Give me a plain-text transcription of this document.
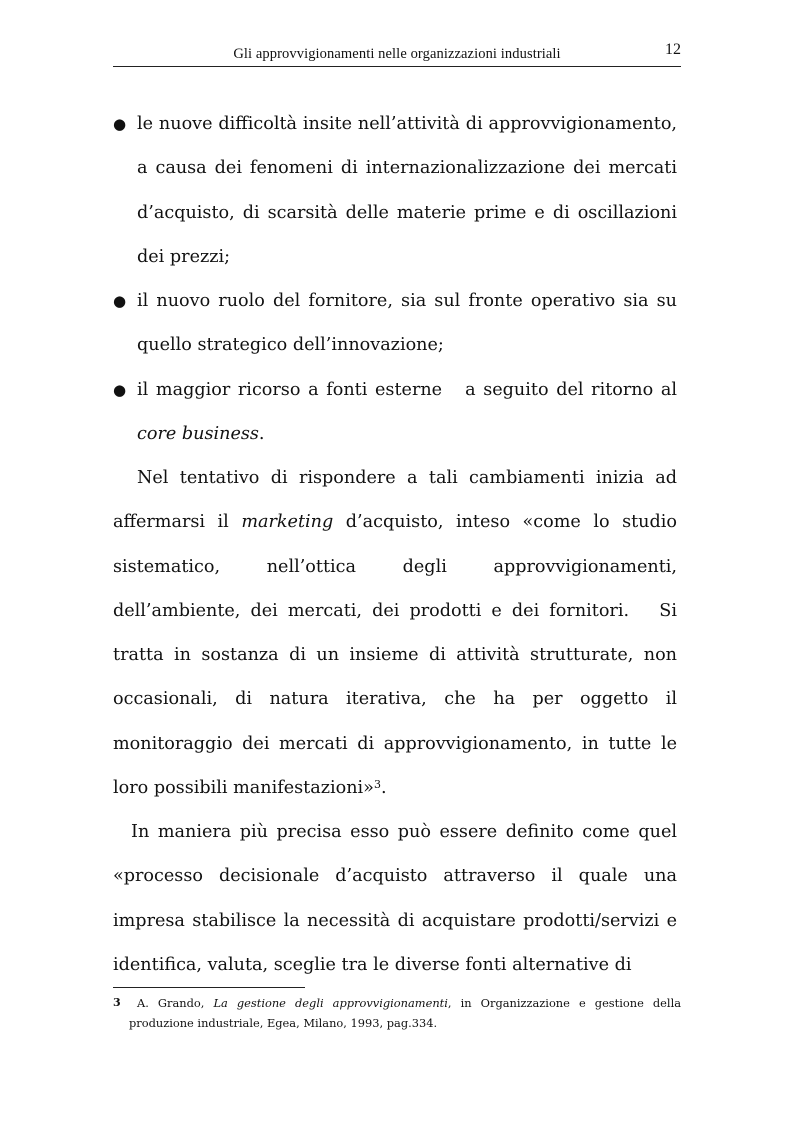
Gli approvvigionamenti nelle organizzazioni industriali	12
● le nuove difficoltà insite nell’attività di approvvigionamento, a causa dei fenomeni di internazionalizzazione dei mercati d’acquisto, di scarsità delle materie prime e di oscillazioni dei prezzi;
● il nuovo ruolo del fornitore, sia sul fronte operativo sia su quello strategico dell’innovazione;
● il maggior ricorso a fonti esterne   a seguito del ritorno al core business.

Nel tentativo di rispondere a tali cambiamenti inizia ad affermarsi il marketing d’acquisto, inteso «come lo studio sistematico, nell’ottica degli approvvigionamenti, dell’ambiente, dei mercati, dei prodotti e dei fornitori.   Si tratta in sostanza di un insieme di attività strutturate, non occasionali, di natura iterativa, che ha per oggetto il monitoraggio dei mercati di approvvigionamento, in tutte le loro possibili manifestazioni»$^3$.

In maniera più precisa esso può essere definito come quel «processo decisionale d’acquisto attraverso il quale una impresa stabilisce la necessità di acquistare prodotti/servizi e identifica, valuta, sceglie tra le diverse fonti alternative di

3	A. Grando, La gestione degli approvvigionamenti, in Organizzazione e gestione della produzione industriale, Egea, Milano, 1993, pag.334.
